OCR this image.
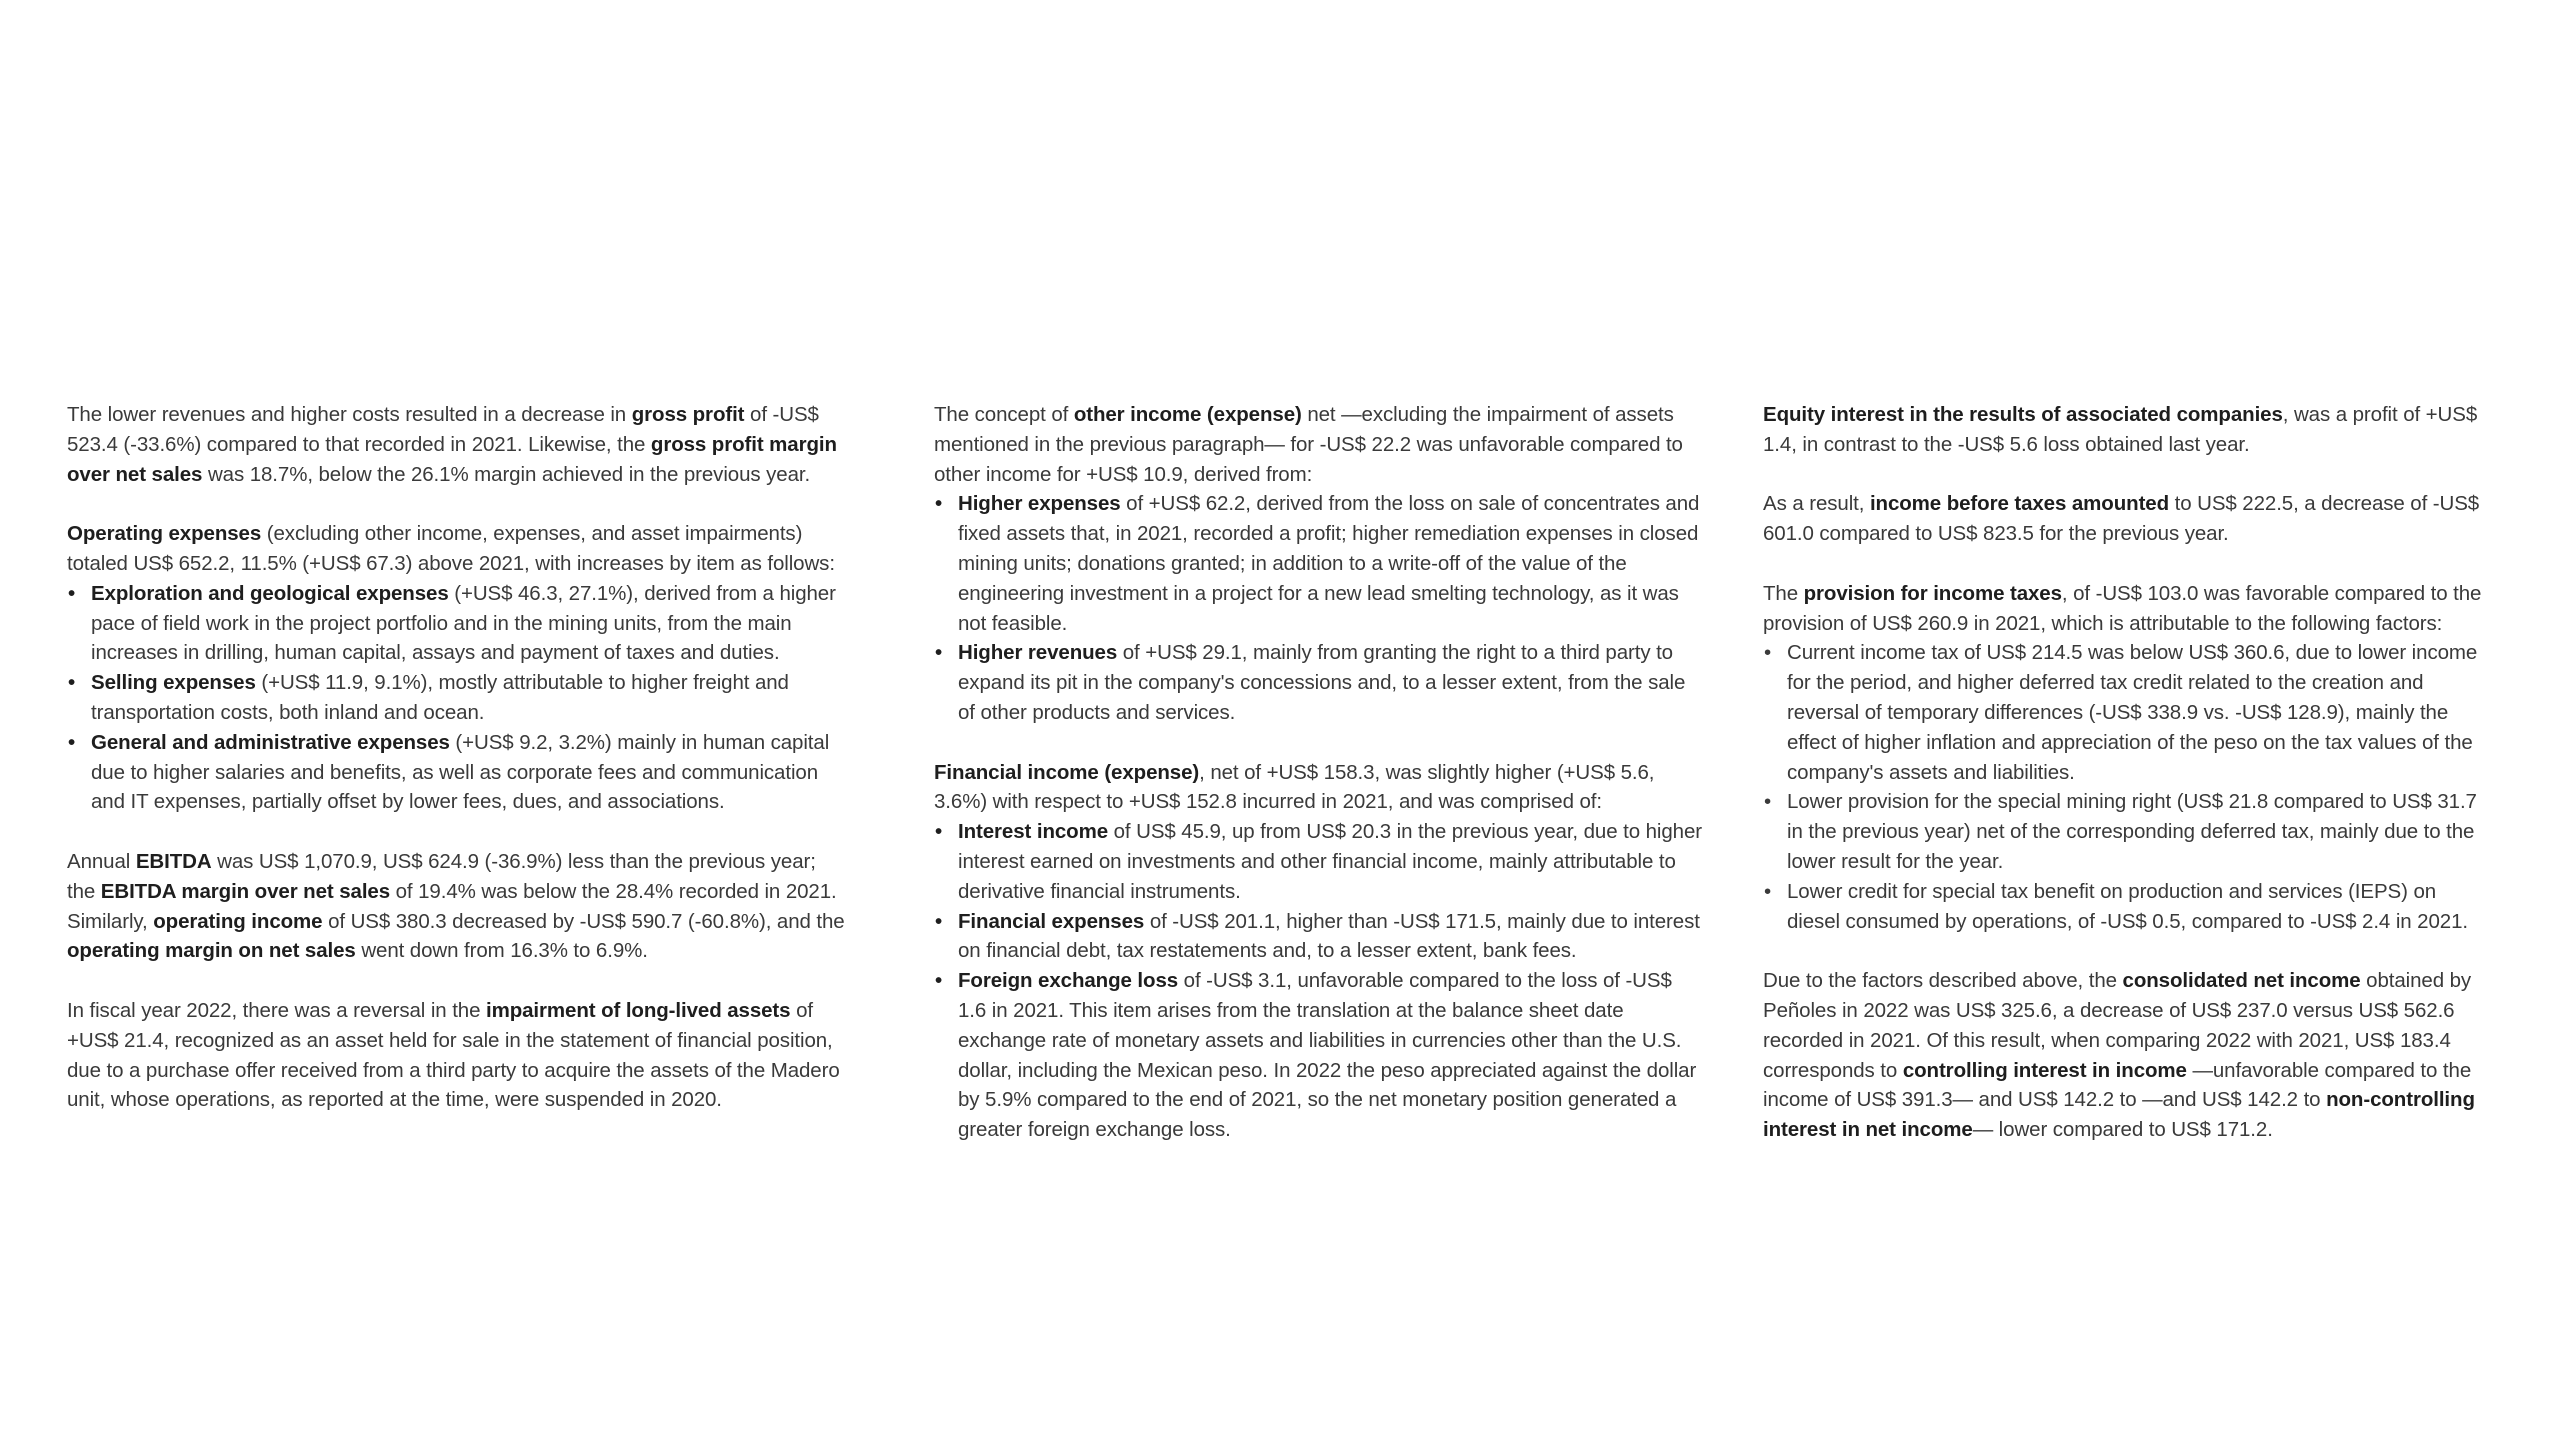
The lower revenues and higher costs resulted in a decrease in gross profit of -US$ 523.4 (-33.6%) compared to that recorded in 2021. Likewise, the gross profit margin over net sales was 18.7%, below the 26.1% margin achieved in the previous year.

Operating expenses (excluding other income, expenses, and asset impairments) totaled US$ 652.2, 11.5% (+US$ 67.3) above 2021, with increases by item as follows:

• Exploration and geological expenses (+US$ 46.3, 27.1%), derived from a higher pace of field work in the project portfolio and in the mining units, from the main increases in drilling, human capital, assays and payment of taxes and duties.
• Selling expenses (+US$ 11.9, 9.1%), mostly attributable to higher freight and transportation costs, both inland and ocean.
• General and administrative expenses (+US$ 9.2, 3.2%) mainly in human capital due to higher salaries and benefits, as well as corporate fees and communication and IT expenses, partially offset by lower fees, dues, and associations.

Annual EBITDA was US$ 1,070.9, US$ 624.9 (-36.9%) less than the previous year; the EBITDA margin over net sales of 19.4% was below the 28.4% recorded in 2021. Similarly, operating income of US$ 380.3 decreased by -US$ 590.7 (-60.8%), and the operating margin on net sales went down from 16.3% to 6.9%.

In fiscal year 2022, there was a reversal in the impairment of long-lived assets of +US$ 21.4, recognized as an asset held for sale in the statement of financial position, due to a purchase offer received from a third party to acquire the assets of the Madero unit, whose operations, as reported at the time, were suspended in 2020.

The concept of other income (expense) net —excluding the impairment of assets mentioned in the previous paragraph— for -US$ 22.2 was unfavorable compared to other income for +US$ 10.9, derived from:

• Higher expenses of +US$ 62.2, derived from the loss on sale of concentrates and fixed assets that, in 2021, recorded a profit; higher remediation expenses in closed mining units; donations granted; in addition to a write-off of the value of the engineering investment in a project for a new lead smelting technology, as it was not feasible.
• Higher revenues of +US$ 29.1, mainly from granting the right to a third party to expand its pit in the company's concessions and, to a lesser extent, from the sale of other products and services.

Financial income (expense), net of +US$ 158.3, was slightly higher (+US$ 5.6, 3.6%) with respect to +US$ 152.8 incurred in 2021, and was comprised of:

• Interest income of US$ 45.9, up from US$ 20.3 in the previous year, due to higher interest earned on investments and other financial income, mainly attributable to derivative financial instruments.
• Financial expenses of -US$ 201.1, higher than -US$ 171.5, mainly due to interest on financial debt, tax restatements and, to a lesser extent, bank fees.
• Foreign exchange loss of -US$ 3.1, unfavorable compared to the loss of -US$ 1.6 in 2021. This item arises from the translation at the balance sheet date exchange rate of monetary assets and liabilities in currencies other than the U.S. dollar, including the Mexican peso. In 2022 the peso appreciated against the dollar by 5.9% compared to the end of 2021, so the net monetary position generated a greater foreign exchange loss.

Equity interest in the results of associated companies, was a profit of +US$ 1.4, in contrast to the -US$ 5.6 loss obtained last year.

As a result, income before taxes amounted to US$ 222.5, a decrease of -US$ 601.0 compared to US$ 823.5 for the previous year.

The provision for income taxes, of -US$ 103.0 was favorable compared to the provision of US$ 260.9 in 2021, which is attributable to the following factors:

• Current income tax of US$ 214.5 was below US$ 360.6, due to lower income for the period, and higher deferred tax credit related to the creation and reversal of temporary differences (-US$ 338.9 vs. -US$ 128.9), mainly the effect of higher inflation and appreciation of the peso on the tax values of the company's assets and liabilities.
• Lower provision for the special mining right (US$ 21.8 compared to US$ 31.7 in the previous year) net of the corresponding deferred tax, mainly due to the lower result for the year.
• Lower credit for special tax benefit on production and services (IEPS) on diesel consumed by operations, of -US$ 0.5, compared to -US$ 2.4 in 2021.

Due to the factors described above, the consolidated net income obtained by Peñoles in 2022 was US$ 325.6, a decrease of US$ 237.0 versus US$ 562.6 recorded in 2021. Of this result, when comparing 2022 with 2021, US$ 183.4 corresponds to controlling interest in income —unfavorable compared to the income of US$ 391.3— and US$ 142.2 to —and US$ 142.2 to non-controlling interest in net income— lower compared to US$ 171.2.
